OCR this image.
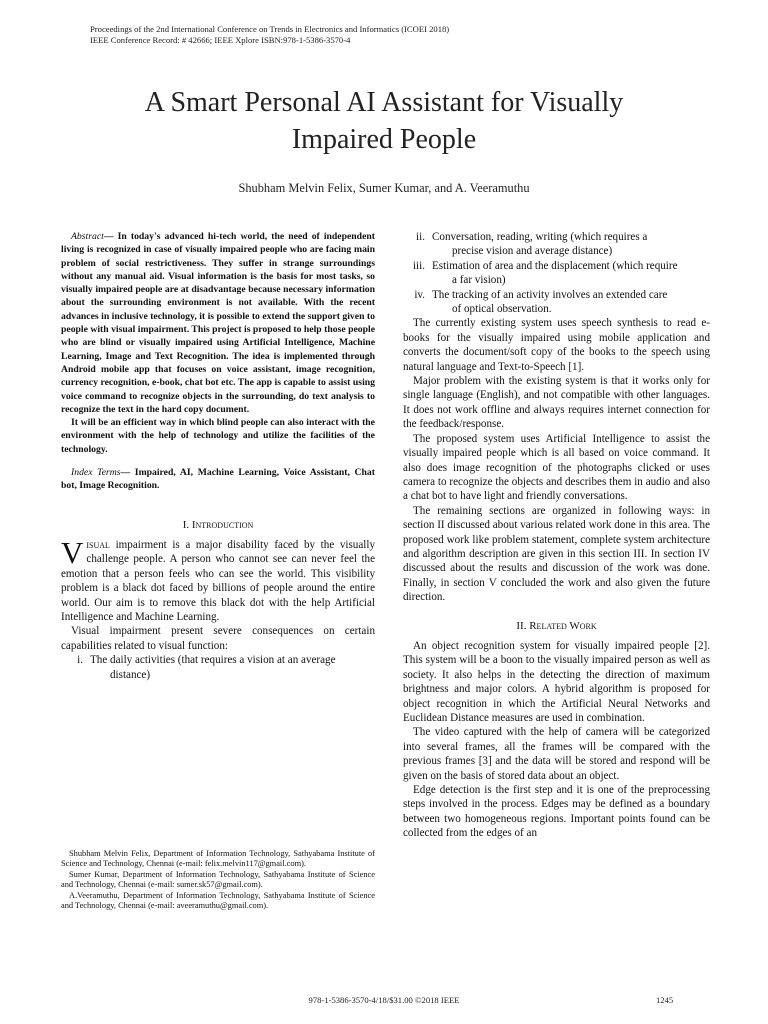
Proceedings of the 2nd International Conference on Trends in Electronics and Informatics (ICOEI 2018)
IEEE Conference Record: # 42666; IEEE Xplore ISBN:978-1-5386-3570-4
A Smart Personal AI Assistant for Visually
Impaired People
Shubham Melvin Felix, Sumer Kumar, and A. Veeramuthu

Abstract— In today's advanced hi-tech world, the need of independent living is recognized in case of visually impaired people who are facing main problem of social restrictiveness. They suffer in strange surroundings without any manual aid. Visual information is the basis for most tasks, so visually impaired people are at disadvantage because necessary information about the surrounding environment is not available. With the recent advances in inclusive technology, it is possible to extend the support given to people with visual impairment. This project is proposed to help those people who are blind or visually impaired using Artificial Intelligence, Machine Learning, Image and Text Recognition. The idea is implemented through Android mobile app that focuses on voice assistant, image recognition, currency recognition, e-book, chat bot etc. The app is capable to assist using voice command to recognize objects in the surrounding, do text analysis to recognize the text in the hard copy document.

It will be an efficient way in which blind people can also interact with the environment with the help of technology and utilize the facilities of the technology.

Index Terms— Impaired, AI, Machine Learning, Voice Assistant, Chat bot, Image Recognition.

I. Introduction

Visual impairment is a major disability faced by the visually challenge people. A person who cannot see can never feel the emotion that a person feels who can see the world. This visibility problem is a black dot faced by billions of people around the entire world. Our aim is to remove this black dot with the help Artificial Intelligence and Machine Learning.

Visual impairment present severe consequences on certain capabilities related to visual function:

i. The daily activities (that requires a vision at an average
distance)

Shubham Melvin Felix, Department of Information Technology, Sathyabama Institute of Science and Technology, Chennai (e-mail: felix.melvin117@gmail.com).

Sumer Kumar, Department of Information Technology, Sathyabama Institute of Science and Technology, Chennai (e-mail: sumer.sk57@gmail.com).

A.Veeramuthu, Department of Information Technology, Sathyabama Institute of Science and Technology, Chennai (e-mail: aveeramuthu@gmail.com).

ii. Conversation, reading, writing (which requires a
precise vision and average distance)
iii. Estimation of area and the displacement (which require
a far vision)
iv. The tracking of an activity involves an extended care
of optical observation.

The currently existing system uses speech synthesis to read e-books for the visually impaired using mobile application and converts the document/soft copy of the books to the speech using natural language and Text-to-Speech [1].

Major problem with the existing system is that it works only for single language (English), and not compatible with other languages. It does not work offline and always requires internet connection for the feedback/response.

The proposed system uses Artificial Intelligence to assist the visually impaired people which is all based on voice command. It also does image recognition of the photographs clicked or uses camera to recognize the objects and describes them in audio and also a chat bot to have light and friendly conversations.

The remaining sections are organized in following ways: in section II discussed about various related work done in this area. The proposed work like problem statement, complete system architecture and algorithm description are given in this section III. In section IV discussed about the results and discussion of the work was done. Finally, in section V concluded the work and also given the future direction.

II. Related Work

An object recognition system for visually impaired people [2]. This system will be a boon to the visually impaired person as well as society. It also helps in the detecting the direction of maximum brightness and major colors. A hybrid algorithm is proposed for object recognition in which the Artificial Neural Networks and Euclidean Distance measures are used in combination.

The video captured with the help of camera will be categorized into several frames, all the frames will be compared with the previous frames [3] and the data will be stored and respond will be given on the basis of stored data about an object.

Edge detection is the first step and it is one of the preprocessing steps involved in the process. Edges may be defined as a boundary between two homogeneous regions. Important points found can be collected from the edges of an

978-1-5386-3570-4/18/$31.00 ©2018 IEEE	1245
